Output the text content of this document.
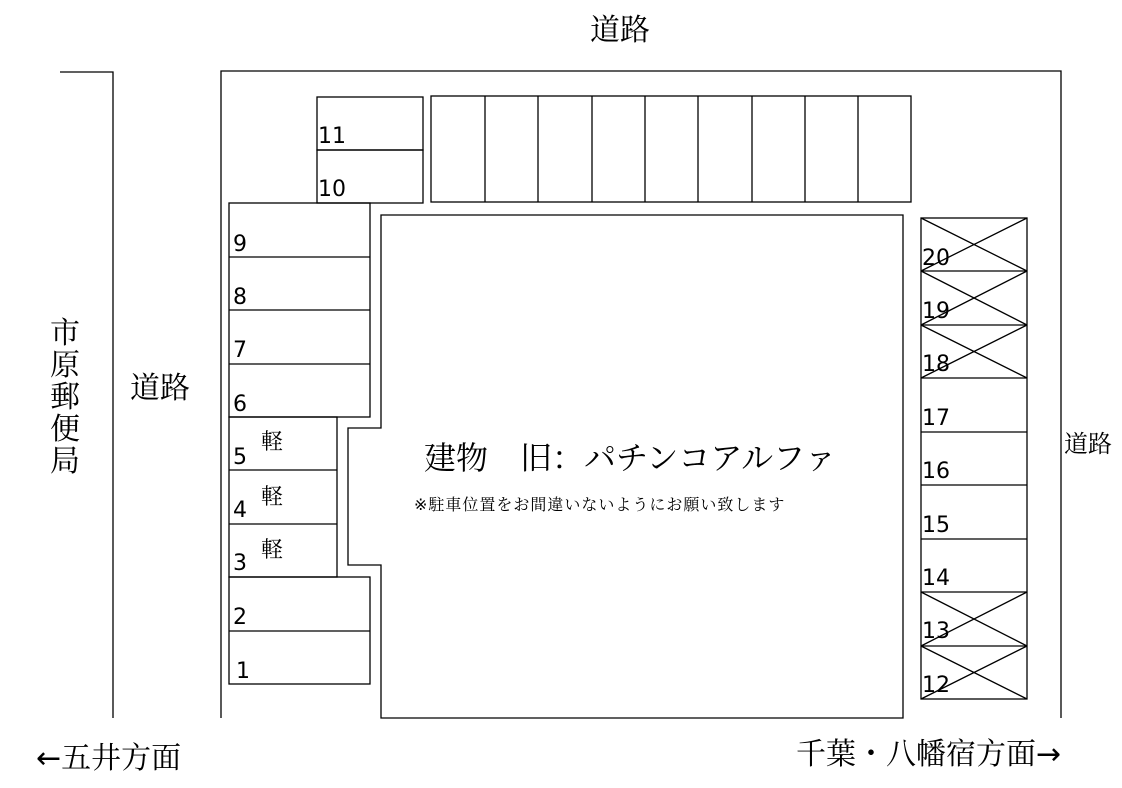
道路
道路
道路
市原郵便局
←五井方面	千葉・八幡宿方面→
建物　旧：パチンコアルファ
※駐車位置をお間違いないようにお願い致します
1
2
3
4
5
6
7
8
9
10
11
12
13
14
15
16
17
18
19
20
軽
軽
軽
